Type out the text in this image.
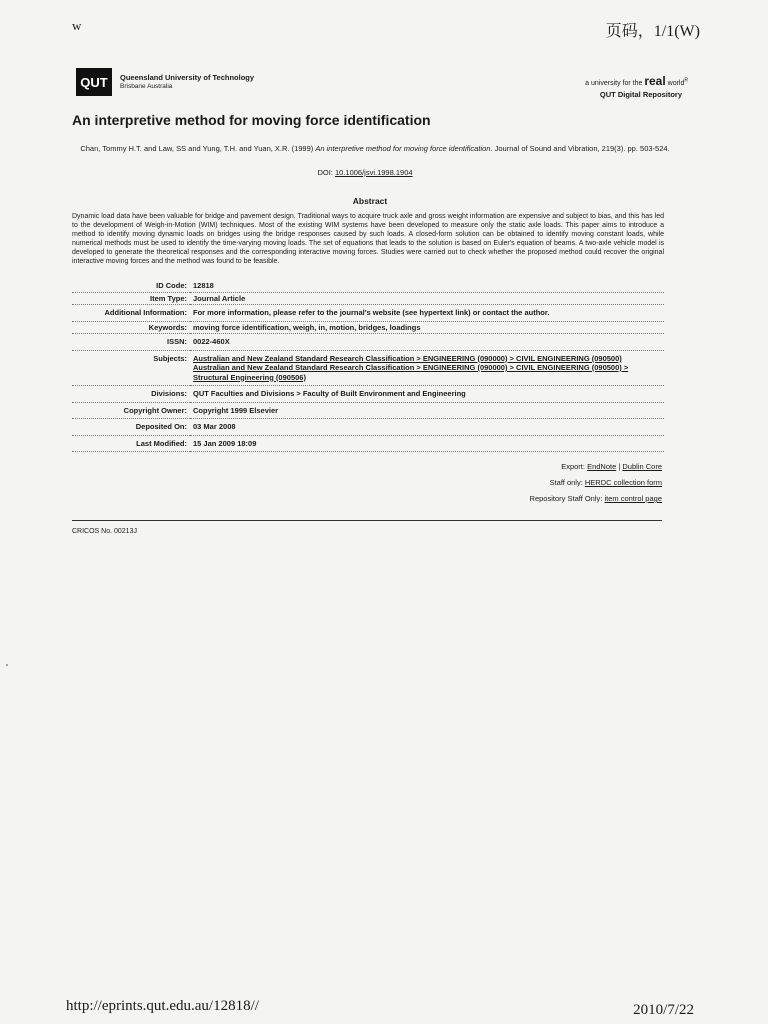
w	页码，1/1(W)
QUT	Queensland University of Technology
Brisbane Australia	a university for the real world$^R$
QUT Digital Repository
An interpretive method for moving force identification
Chan, Tommy H.T. and Law, SS and Yung, T.H. and Yuan, X.R. (1999) An interpretive method for moving force identification. Journal of Sound and Vibration, 219(3). pp. 503-524.
DOI: 10.1006/jsvi.1998.1904
Abstract
Dynamic load data have been valuable for bridge and pavement design. Traditional ways to acquire truck axle and gross weight information are expensive and subject to bias, and this has led to the development of Weigh-in-Motion (WIM) techniques. Most of the existing WIM systems have been developed to measure only the static axle loads. This paper aims to introduce a method to identify moving dynamic loads on bridges using the bridge responses caused by such loads. A closed-form solution can be obtained to identify moving constant loads, while numerical methods must be used to identify the time-varying moving loads. The set of equations that leads to the solution is based on Euler's equation of beams. A two-axle vehicle model is developed to generate the theoretical responses and the corresponding interactive moving forces. Studies were carried out to check whether the proposed method could recover the original interactive moving forces and the method was found to be feasible.
ID Code:	12818
Item Type:	Journal Article
Additional Information:	For more information, please refer to the journal's website (see hypertext link) or contact the author.
Keywords:	moving force identification, weigh, in, motion, bridges, loadings
ISSN:	0022-460X
Subjects:	Australian and New Zealand Standard Research Classification > ENGINEERING (090000) > CIVIL ENGINEERING (090500)
Australian and New Zealand Standard Research Classification > ENGINEERING (090000) > CIVIL ENGINEERING (090500) > Structural Engineering (090506)

Divisions:	QUT Faculties and Divisions > Faculty of Built Environment and Engineering
Copyright Owner:	Copyright 1999 Elsevier
Deposited On:	03 Mar 2008
Last Modified:	15 Jan 2009 18:09
Export: EndNote | Dublin Core
Staff only: HERDC collection form
Repository Staff Only: item control page
CRICOS No. 00213J
http://eprints.qut.edu.au/12818//	2010/7/22
